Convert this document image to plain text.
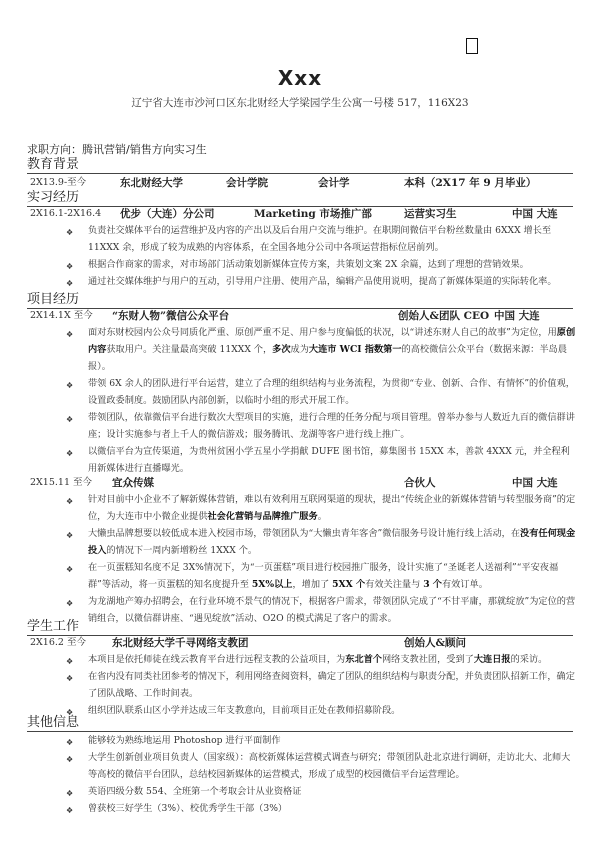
Xxx
辽宁省大连市沙河口区东北财经大学梁园学生公寓一号楼 517，116X23
求职方向：腾讯营销/销售方向实习生
教育背景
2X13.9-至今	东北财经大学	会计学院	会计学	本科（2X17 年 9 月毕业）
实习经历
2X16.1-2X16.4 优步（大连）分公司	Marketing 市场推广部	运营实习生	中国 大连
❖ 负责社交媒体平台的运营维护及内容的产出以及后台用户交流与维护。在职期间微信平台粉丝数量由 6XXX 增长至 11XXX 余，形成了较为成熟的内容体系，在全国各地分公司中各项运营指标位居前列。
❖ 根据合作商家的需求，对市场部门活动策划新媒体宣传方案，共策划文案 2X 余篇，达到了理想的营销效果。
❖ 通过社交媒体维护与用户的互动，引导用户注册、使用产品，编辑产品使用说明，提高了新媒体渠道的实际转化率。
项目经历
2X14.1X 至今 “东财人物”微信公众平台	创始人&团队 CEO 中国 大连
❖ 面对东财校园内公众号同质化严重、原创严重不足、用户参与度偏低的状况，以“讲述东财人自己的故事”为定位，用原创内容获取用户。关注量最高突破 11XXX 个，多次成为大连市 WCI 指数第一的高校微信公众平台（数据来源：半岛晨报）。
❖ 带领 6X 余人的团队进行平台运营，建立了合理的组织结构与业务流程，为贯彻“专业、创新、合作、有情怀”的价值观，设置政委制度。鼓励团队内部创新，以临时小组的形式开展工作。
❖ 带领团队，依靠微信平台进行数次大型项目的实施，进行合理的任务分配与项目管理。曾举办参与人数近九百的微信群讲座；设计实施参与者上千人的微信游戏；服务腾讯、龙湖等客户进行线上推广。
❖ 以微信平台为宣传渠道，为贵州贫困小学五星小学捐献 DUFE 图书馆，募集图书 15XX 本，善款 4XXX 元，并全程利用新媒体进行直播曝光。
2X15.11 至今 宜众传媒	合伙人	中国 大连
❖ 针对目前中小企业不了解新媒体营销，难以有效利用互联网渠道的现状，提出“传统企业的新媒体营销与转型服务商”的定位，为大连市中小微企业提供社会化营销与品牌推广服务。
❖ 大懒虫品牌想要以较低成本进入校园市场，带领团队为“大懒虫青年客舍”微信服务号设计施行线上活动，在没有任何现金投入的情况下一周内新增粉丝 1XXX 个。
❖ 在一页蛋糕知名度不足 3X%情况下，为“一页蛋糕”项目进行校园推广服务，设计实施了“圣诞老人送福利”“平安夜福群”等活动，将一页蛋糕的知名度提升至 5X%以上，增加了 5XX 个有效关注量与 3 个有效订单。
❖ 为龙湖地产筹办招聘会，在行业环境不景气的情况下，根据客户需求，带领团队完成了“不甘平庸，那就绽放”为定位的营销组合，以微信群讲座、“遇见绽放”活动、O2O 的模式满足了客户的需求。
学生工作
2X16.2 至今 东北财经大学千寻网络支教团	创始人&顾问
❖ 本项目是依托师徒在线云教育平台进行远程支教的公益项目，为东北首个网络支教社团，受到了大连日报的采访。
❖ 在省内没有同类社团参考的情况下，利用网络查阅资料，确定了团队的组织结构与职责分配，并负责团队招新工作，确定了团队战略、工作时间表。
❖ 组织团队联系山区小学并达成三年支教意向，目前项目正处在教师招募阶段。
其他信息
❖ 能够较为熟练地运用 Photoshop 进行平面制作
❖ 大学生创新创业项目负责人（国家级）：高校新媒体运营模式调查与研究；带领团队赴北京进行调研，走访北大、北师大等高校的微信平台团队，总结校园新媒体的运营模式，形成了成型的校园微信平台运营理论。
❖ 英语四级分数 554、全班第一个考取会计从业资格证
❖ 曾获校三好学生（3%）、校优秀学生干部（3%）
